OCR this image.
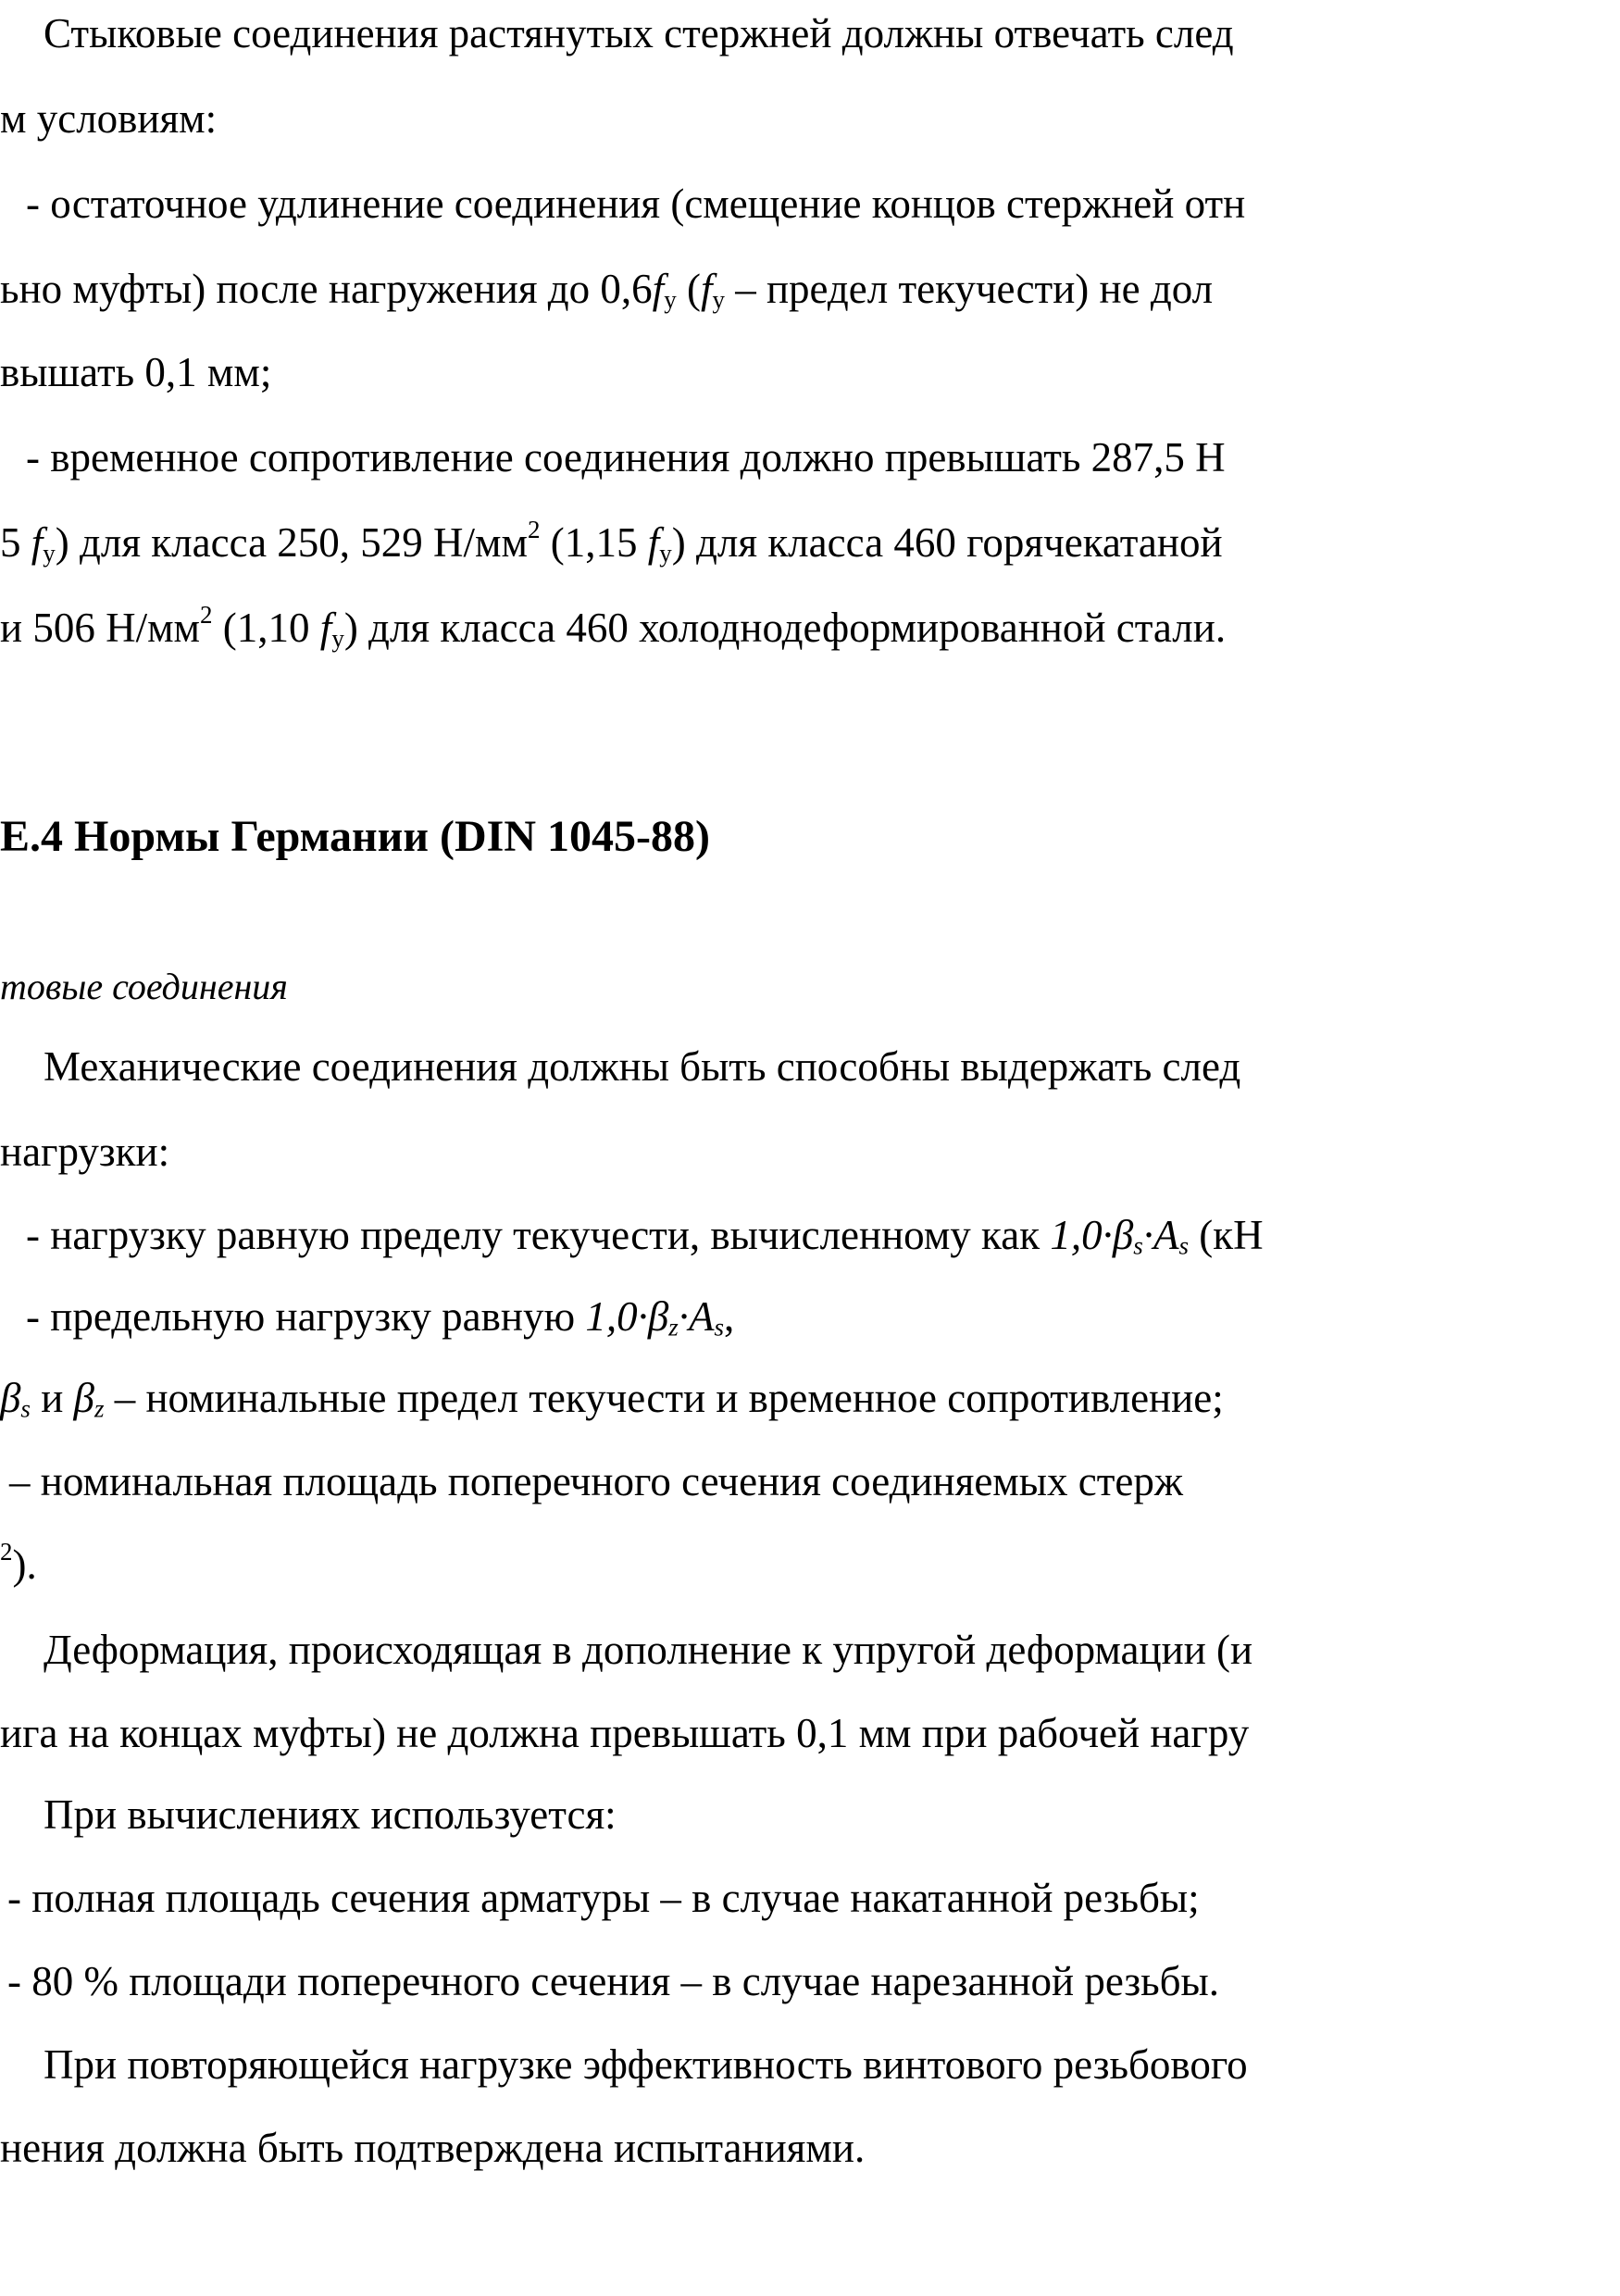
Стыковые соединения растянутых стержней должны отвечать след
м условиям:
- остаточное удлинение соединения (смещение концов стержней отн
ьно муфты) после нагружения до $0,6f_y$ ($f_y$ – предел текучести) не дол
вышать 0,1 мм;
- временное сопротивление соединения должно превышать 287,5 Н
5 $f_y$) для класса 250, 529 $Н/мм^2$ (1,15 $f_y$) для класса 460 горячекатаной
и 506 $Н/мм^2$ (1,10 $f_y$) для класса 460 холоднодеформированной стали.
Е.4 Нормы Германии (DIN 1045-88)
товые соединения
Механические соединения должны быть способны выдержать след
нагрузки:
- нагрузку равную пределу текучести, вычисленному как $1,0\cdot\beta_s\cdot A_s$ (кН
- предельную нагрузку равную $1,0\cdot\beta_z\cdot A_s$,
$\beta_s$ и $\beta_z$ – номинальные предел текучести и временное сопротивление;
– номинальная площадь поперечного сечения соединяемых стерж
$^2$).
Деформация, происходящая в дополнение к упругой деформации (и
ига на концах муфты) не должна превышать 0,1 мм при рабочей нагру
При вычислениях используется:
- полная площадь сечения арматуры – в случае накатанной резьбы;
- 80 % площади поперечного сечения – в случае нарезанной резьбы.
При повторяющейся нагрузке эффективность винтового резьбового
нения должна быть подтверждена испытаниями.
